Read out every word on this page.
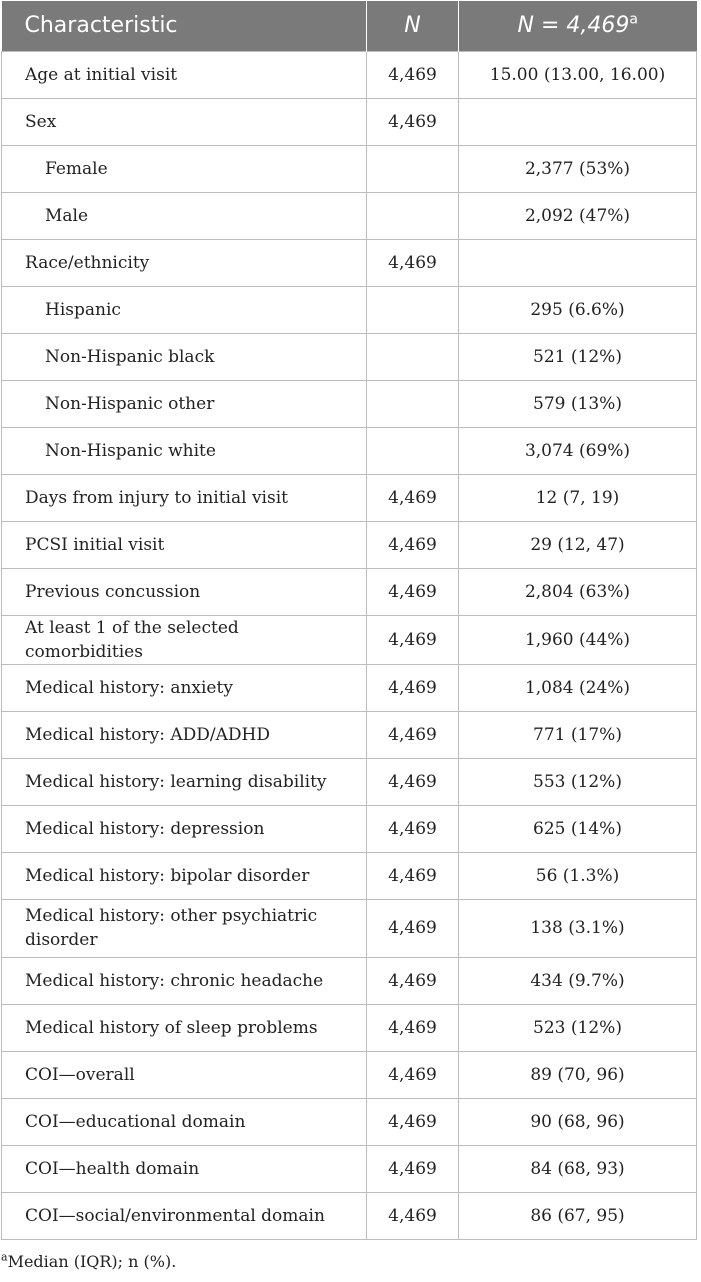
Characteristic	N	N = 4,469$^a$
Age at initial visit	4,469	15.00 (13.00, 16.00)
Sex	4,469	
Female		2,377 (53%)
Male		2,092 (47%)
Race/ethnicity	4,469	
Hispanic		295 (6.6%)
Non-Hispanic black		521 (12%)
Non-Hispanic other		579 (13%)
Non-Hispanic white		3,074 (69%)
Days from injury to initial visit	4,469	12 (7, 19)
PCSI initial visit	4,469	29 (12, 47)
Previous concussion	4,469	2,804 (63%)
At least 1 of the selected comorbidities	4,469	1,960 (44%)
Medical history: anxiety	4,469	1,084 (24%)
Medical history: ADD/ADHD	4,469	771 (17%)
Medical history: learning disability	4,469	553 (12%)
Medical history: depression	4,469	625 (14%)
Medical history: bipolar disorder	4,469	56 (1.3%)
Medical history: other psychiatric disorder	4,469	138 (3.1%)
Medical history: chronic headache	4,469	434 (9.7%)
Medical history of sleep problems	4,469	523 (12%)
COI—overall	4,469	89 (70, 96)
COI—educational domain	4,469	90 (68, 96)
COI—health domain	4,469	84 (68, 93)
COI—social/environmental domain	4,469	86 (67, 95)
$^a$Median (IQR); n (%).
